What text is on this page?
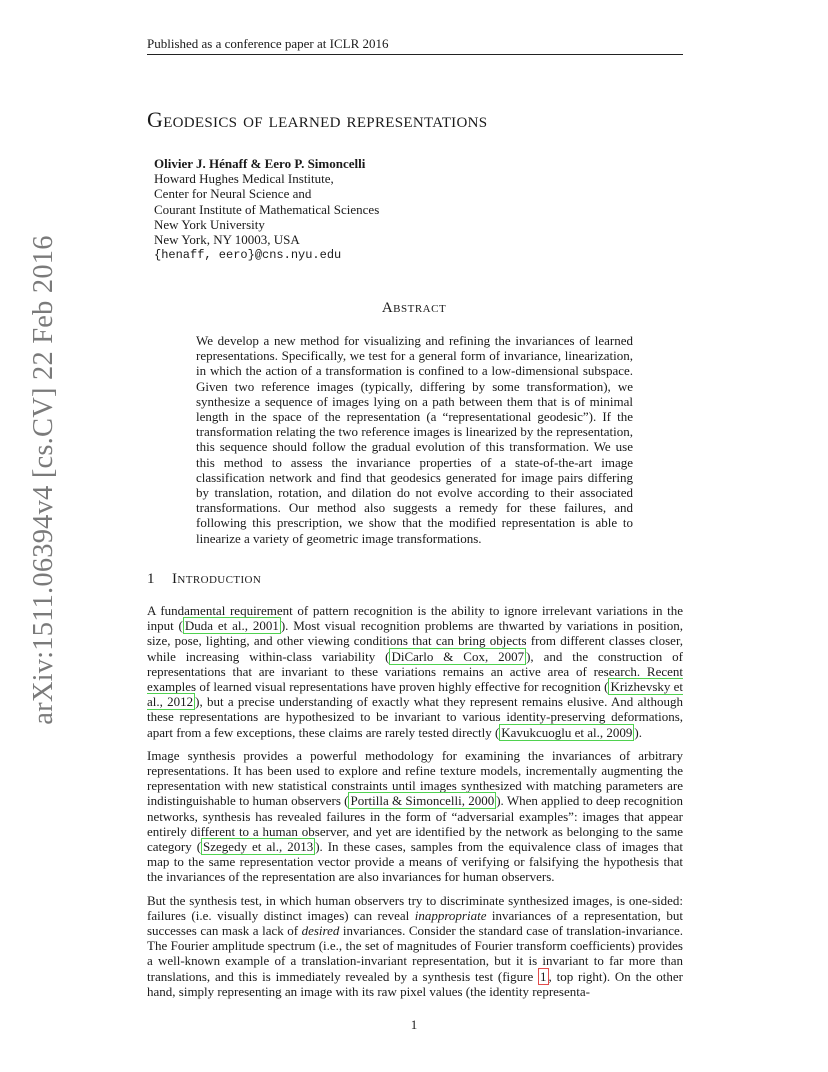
Published as a conference paper at ICLR 2016
arXiv:1511.06394v4 [cs.CV] 22 Feb 2016
Geodesics of learned representations
Olivier J. Hénaff & Eero P. Simoncelli
Howard Hughes Medical Institute,
Center for Neural Science and
Courant Institute of Mathematical Sciences
New York University
New York, NY 10003, USA
{henaff, eero}@cns.nyu.edu
Abstract
We develop a new method for visualizing and refining the invariances of learned representations. Specifically, we test for a general form of invariance, linearization, in which the action of a transformation is confined to a low-dimensional subspace. Given two reference images (typically, differing by some transformation), we synthesize a sequence of images lying on a path between them that is of minimal length in the space of the representation (a “representational geodesic”). If the transformation relating the two reference images is linearized by the representation, this sequence should follow the gradual evolution of this transformation. We use this method to assess the invariance properties of a state-of-the-art image classification network and find that geodesics generated for image pairs differing by translation, rotation, and dilation do not evolve according to their associated transformations. Our method also suggests a remedy for these failures, and following this prescription, we show that the modified representation is able to linearize a variety of geometric image transformations.
1 Introduction

A fundamental requirement of pattern recognition is the ability to ignore irrelevant variations in the input ( Duda et al., 2001 ). Most visual recognition problems are thwarted by variations in position, size, pose, lighting, and other viewing conditions that can bring objects from different classes closer, while increasing within-class variability ( DiCarlo & Cox, 2007 ), and the construction of representations that are invariant to these variations remains an active area of research. Recent examples of learned visual representations have proven highly effective for recognition ( Krizhevsky et al., 2012 ), but a precise understanding of exactly what they represent remains elusive. And although these representations are hypothesized to be invariant to various identity-preserving deformations, apart from a few exceptions, these claims are rarely tested directly ( Kavukcuoglu et al., 2009 ).

Image synthesis provides a powerful methodology for examining the invariances of arbitrary representations. It has been used to explore and refine texture models, incrementally augmenting the representation with new statistical constraints until images synthesized with matching parameters are indistinguishable to human observers ( Portilla & Simoncelli, 2000 ). When applied to deep recognition networks, synthesis has revealed failures in the form of “adversarial examples”: images that appear entirely different to a human observer, and yet are identified by the network as belonging to the same category ( Szegedy et al., 2013 ). In these cases, samples from the equivalence class of images that map to the same representation vector provide a means of verifying or falsifying the hypothesis that the invariances of the representation are also invariances for human observers.

But the synthesis test, in which human observers try to discriminate synthesized images, is one-sided: failures (i.e. visually distinct images) can reveal inappropriate invariances of a representation, but successes can mask a lack of desired invariances. Consider the standard case of translation-invariance. The Fourier amplitude spectrum (i.e., the set of magnitudes of Fourier transform coefficients) provides a well-known example of a translation-invariant representation, but it is invariant to far more than translations, and this is immediately revealed by a synthesis test (figure 1 , top right). On the other hand, simply representing an image with its raw pixel values (the identity representa-

1
